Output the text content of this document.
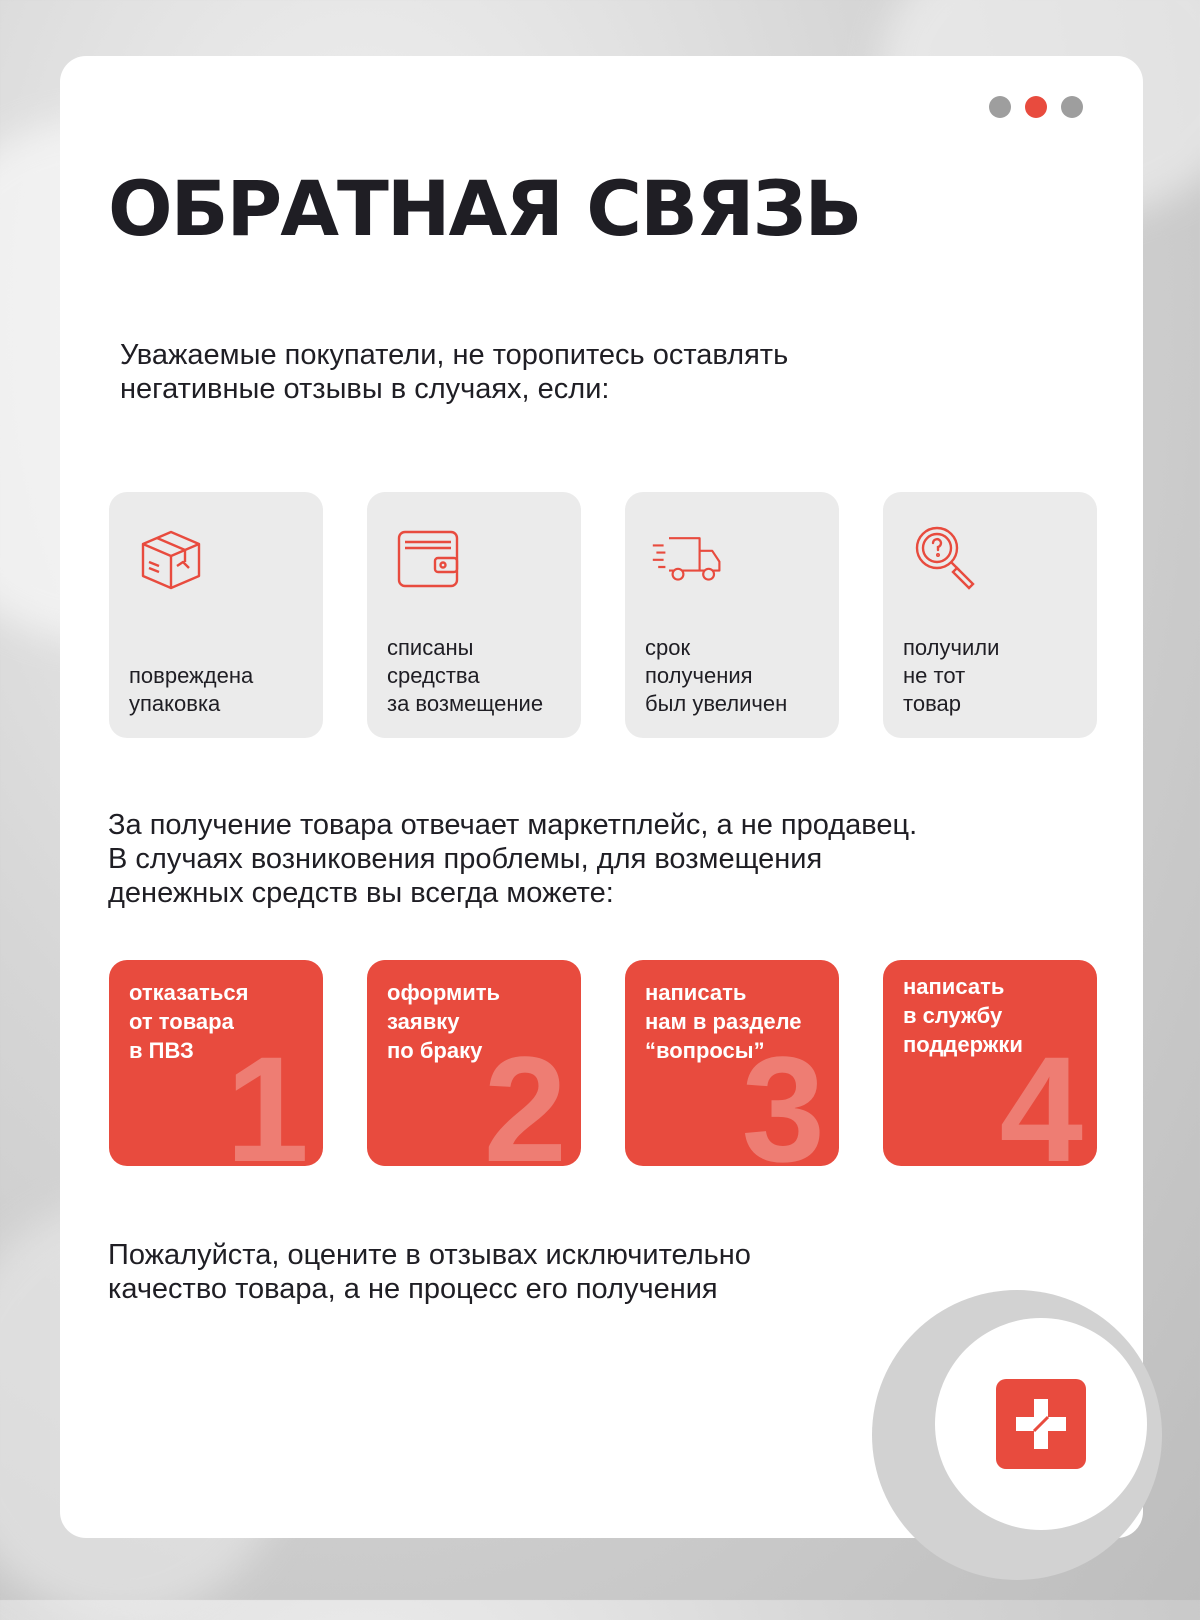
ОБРАТНАЯ СВЯЗЬ
Уважаемые покупатели, не торопитесь оставлять
негативные отзывы в случаях, если:
повреждена
упаковка
списаны
средства
за возмещение
срок
получения
был увеличен
получили
не тот
товар
За получение товара отвечает маркетплейс, а не продавец.
В случаях возниковения проблемы, для возмещения
денежных средств вы всегда можете:
отказаться
от товара
в ПВЗ 1
оформить
заявку
по браку 2
написать
нам в разделе
“вопросы”
3
написать
в службу
поддержки
4
Пожалуйста, оцените в отзывах исключительно
качество товара, а не процесс его получения
